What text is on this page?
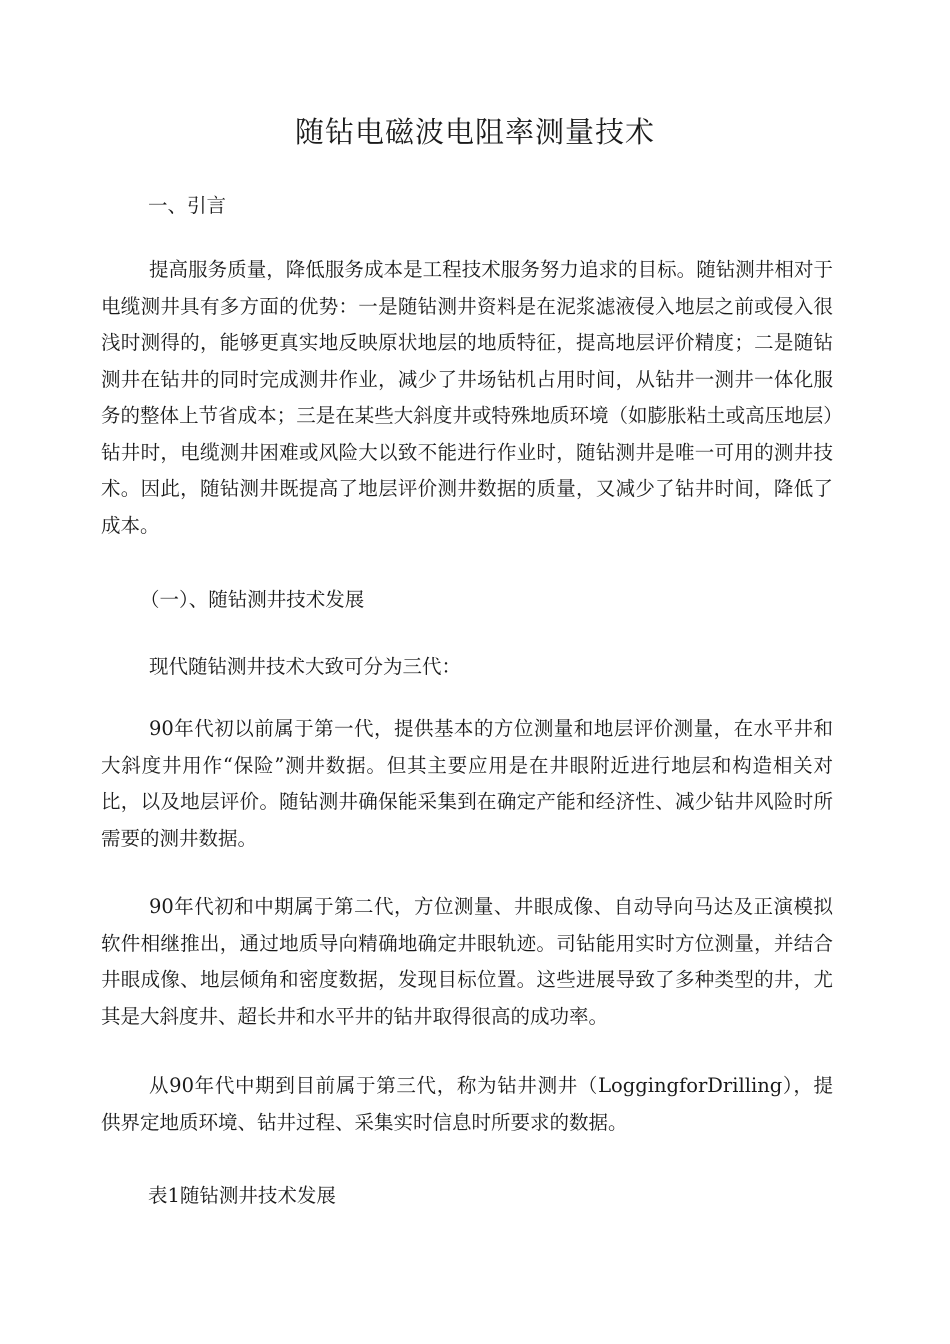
随钻电磁波电阻率测量技术
一、引言

提高服务质量，降低服务成本是工程技术服务努力追求的目标。随钻测井相对于电缆测井具有多方面的优势：一是随钻测井资料是在泥浆滤液侵入地层之前或侵入很浅时测得的，能够更真实地反映原状地层的地质特征，提高地层评价精度；二是随钻测井在钻井的同时完成测井作业，减少了井场钻机占用时间，从钻井一测井一体化服务的整体上节省成本；三是在某些大斜度井或特殊地质环境（如膨胀粘土或高压地层）钻井时，电缆测井困难或风险大以致不能进行作业时，随钻测井是唯一可用的测井技术。因此，随钻测井既提高了地层评价测井数据的质量，又减少了钻井时间，降低了成本。

（一）、随钻测井技术发展

现代随钻测井技术大致可分为三代：

90年代初以前属于第一代，提供基本的方位测量和地层评价测量，在水平井和大斜度井用作“保险”测井数据。但其主要应用是在井眼附近进行地层和构造相关对比，以及地层评价。随钻测井确保能采集到在确定产能和经济性、减少钻井风险时所需要的测井数据。

90年代初和中期属于第二代，方位测量、井眼成像、自动导向马达及正演模拟软件相继推出，通过地质导向精确地确定井眼轨迹。司钻能用实时方位测量，并结合井眼成像、地层倾角和密度数据，发现目标位置。这些进展导致了多种类型的井，尤其是大斜度井、超长井和水平井的钻井取得很高的成功率。

从90年代中期到目前属于第三代，称为钻井测井（LoggingforDrilling），提供界定地质环境、钻井过程、采集实时信息时所要求的数据。

表1随钻测井技术发展
